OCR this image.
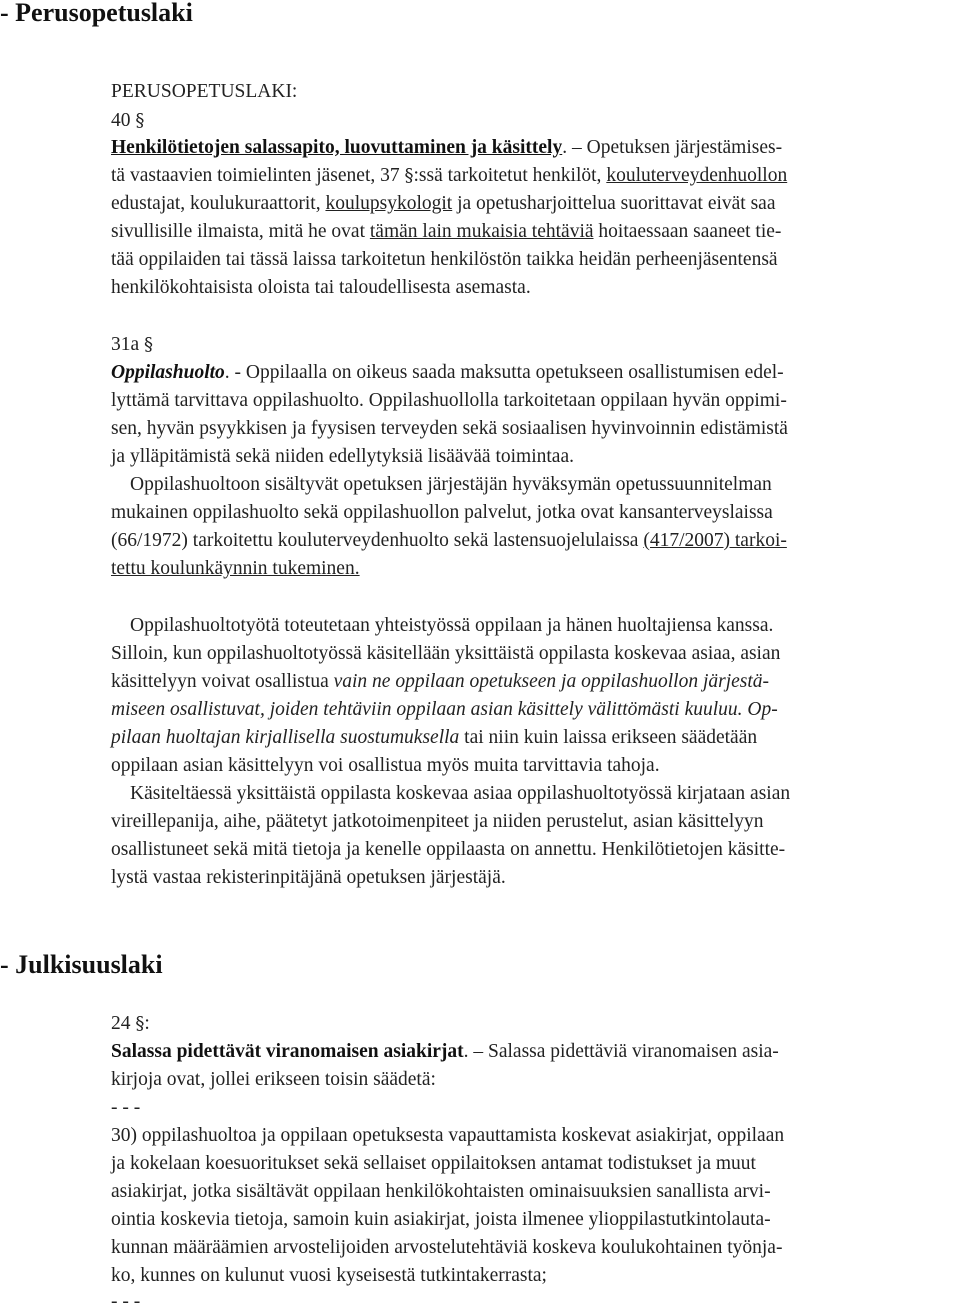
- Perusopetuslaki
PERUSOPETUSLAKI:
40 §
Henkilötietojen salassapito, luovuttaminen ja käsittely. – Opetuksen järjestämises-
tä vastaavien toimielinten jäsenet, 37 §:ssä tarkoitetut henkilöt, kouluterveydenhuollon
edustajat, koulukuraattorit, koulupsykologit ja opetusharjoittelua suorittavat eivät saa
sivullisille ilmaista, mitä he ovat tämän lain mukaisia tehtäviä hoitaessaan saaneet tie-
tää oppilaiden tai tässä laissa tarkoitetun henkilöstön taikka heidän perheenjäsentensä
henkilökohtaisista oloista tai taloudellisesta asemasta.
31a §
Oppilashuolto. - Oppilaalla on oikeus saada maksutta opetukseen osallistumisen edel-
lyttämä tarvittava oppilashuolto. Oppilashuollolla tarkoitetaan oppilaan hyvän oppimi-
sen, hyvän psyykkisen ja fyysisen terveyden sekä sosiaalisen hyvinvoinnin edistämistä
ja ylläpitämistä sekä niiden edellytyksiä lisäävää toimintaa.
Oppilashuoltoon sisältyvät opetuksen järjestäjän hyväksymän opetussuunnitelman
mukainen oppilashuolto sekä oppilashuollon palvelut, jotka ovat kansanterveyslaissa
(66/1972) tarkoitettu kouluterveydenhuolto sekä lastensuojelulaissa (417/2007) tarkoi-
tettu koulunkäynnin tukeminen.
Oppilashuoltotyötä toteutetaan yhteistyössä oppilaan ja hänen huoltajiensa kanssa.
Silloin, kun oppilashuoltotyössä käsitellään yksittäistä oppilasta koskevaa asiaa, asian
käsittelyyn voivat osallistua vain ne oppilaan opetukseen ja oppilashuollon järjestä-
miseen osallistuvat, joiden tehtäviin oppilaan asian käsittely välittömästi kuuluu. Op-
pilaan huoltajan kirjallisella suostumuksella tai niin kuin laissa erikseen säädetään
oppilaan asian käsittelyyn voi osallistua myös muita tarvittavia tahoja.
Käsiteltäessä yksittäistä oppilasta koskevaa asiaa oppilashuoltotyössä kirjataan asian
vireillepanija, aihe, päätetyt jatkotoimenpiteet ja niiden perustelut, asian käsittelyyn
osallistuneet sekä mitä tietoja ja kenelle oppilaasta on annettu. Henkilötietojen käsitte-
lystä vastaa rekisterinpitäjänä opetuksen järjestäjä.
- Julkisuuslaki
24 §:
Salassa pidettävät viranomaisen asiakirjat. – Salassa pidettäviä viranomaisen asia-
kirjoja ovat, jollei erikseen toisin säädetä:
- - -
30) oppilashuoltoa ja oppilaan opetuksesta vapauttamista koskevat asiakirjat, oppilaan
ja kokelaan koesuoritukset sekä sellaiset oppilaitoksen antamat todistukset ja muut
asiakirjat, jotka sisältävät oppilaan henkilökohtaisten ominaisuuksien sanallista arvi-
ointia koskevia tietoja, samoin kuin asiakirjat, joista ilmenee ylioppilastutkintolauta-
kunnan määräämien arvostelijoiden arvostelutehtäviä koskeva koulukohtainen työnja-
ko, kunnes on kulunut vuosi kyseisestä tutkintakerrasta;
- - -
